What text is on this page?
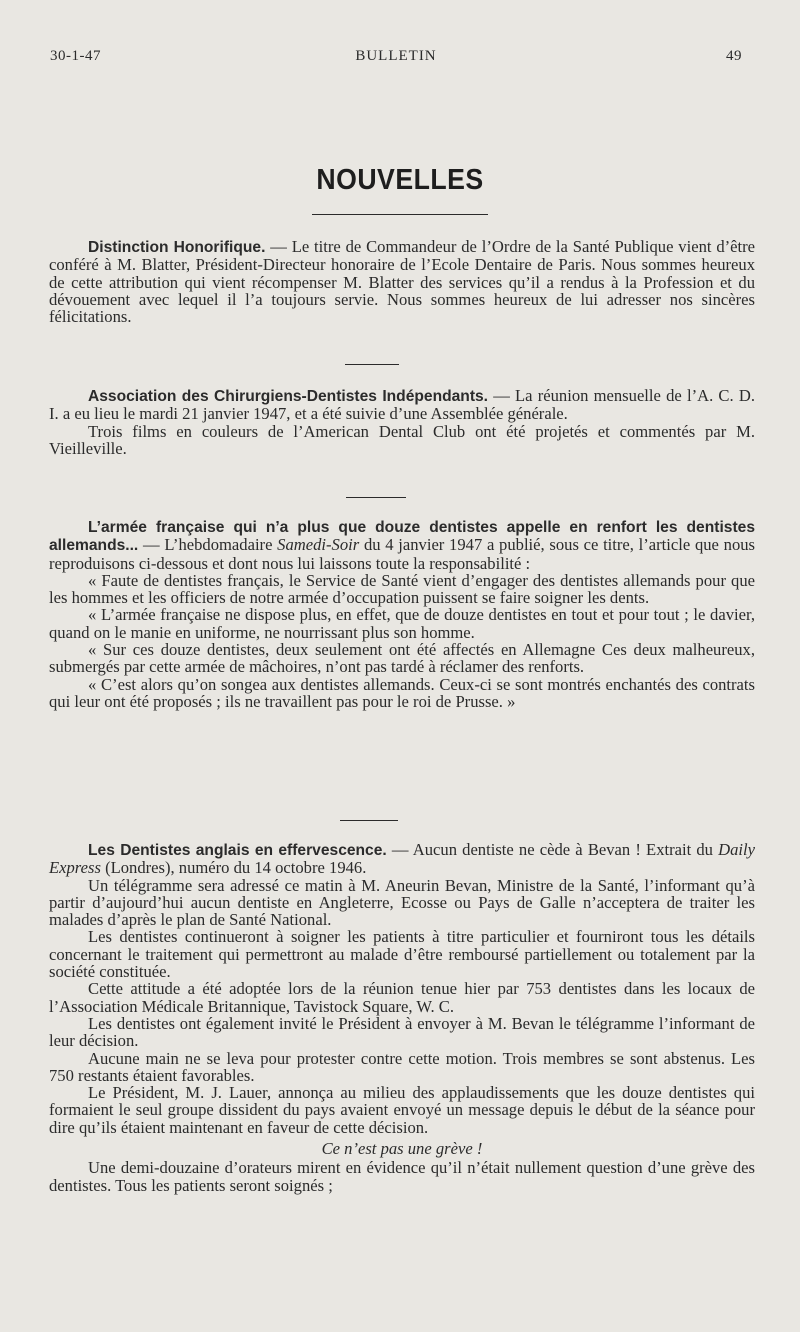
30-1-47	BULLETIN	49
NOUVELLES

Distinction Honorifique. — Le titre de Commandeur de l’Ordre de la Santé Publique vient d’être conféré à M. Blatter, Président-Directeur honoraire de l’Ecole Dentaire de Paris. Nous sommes heureux de cette attribution qui vient récompenser M. Blatter des services qu’il a rendus à la Profession et du dévouement avec lequel il l’a toujours servie. Nous sommes heureux de lui adresser nos sincères félicitations.

Association des Chirurgiens-Dentistes Indépendants. — La réunion mensuelle de l’A. C. D. I. a eu lieu le mardi 21 janvier 1947, et a été suivie d’une Assemblée générale.

Trois films en couleurs de l’American Dental Club ont été projetés et commentés par M. Vieilleville.

L’armée française qui n’a plus que douze dentistes appelle en renfort les dentistes allemands... — L’hebdomadaire Samedi-Soir du 4 janvier 1947 a publié, sous ce titre, l’article que nous reproduisons ci-dessous et dont nous lui laissons toute la responsabilité :

« Faute de dentistes français, le Service de Santé vient d’engager des dentistes allemands pour que les hommes et les officiers de notre armée d’occupation puissent se faire soigner les dents.

« L’armée française ne dispose plus, en effet, que de douze dentistes en tout et pour tout ; le davier, quand on le manie en uniforme, ne nourrissant plus son homme.

« Sur ces douze dentistes, deux seulement ont été affectés en Allemagne Ces deux malheureux, submergés par cette armée de mâchoires, n’ont pas tardé à réclamer des renforts.

« C’est alors qu’on songea aux dentistes allemands. Ceux-ci se sont montrés enchantés des contrats qui leur ont été proposés ; ils ne travaillent pas pour le roi de Prusse. »

Les Dentistes anglais en effervescence. — Aucun dentiste ne cède à Bevan ! Extrait du Daily Express (Londres), numéro du 14 octobre 1946.

Un télégramme sera adressé ce matin à M. Aneurin Bevan, Ministre de la Santé, l’informant qu’à partir d’aujourd’hui aucun dentiste en Angleterre, Ecosse ou Pays de Galle n’acceptera de traiter les malades d’après le plan de Santé National.

Les dentistes continueront à soigner les patients à titre particulier et fourniront tous les détails concernant le traitement qui permettront au malade d’être remboursé partiellement ou totalement par la société constituée.

Cette attitude a été adoptée lors de la réunion tenue hier par 753 dentistes dans les locaux de l’Association Médicale Britannique, Tavistock Square, W. C.

Les dentistes ont également invité le Président à envoyer à M. Bevan le télégramme l’informant de leur décision.

Aucune main ne se leva pour protester contre cette motion. Trois membres se sont abstenus. Les 750 restants étaient favorables.

Le Président, M. J. Lauer, annonça au milieu des applaudissements que les douze dentistes qui formaient le seul groupe dissident du pays avaient envoyé un message depuis le début de la séance pour dire qu’ils étaient maintenant en faveur de cette décision.

Ce n’est pas une grève !

Une demi-douzaine d’orateurs mirent en évidence qu’il n’était nullement question d’une grève des dentistes. Tous les patients seront soignés ;
